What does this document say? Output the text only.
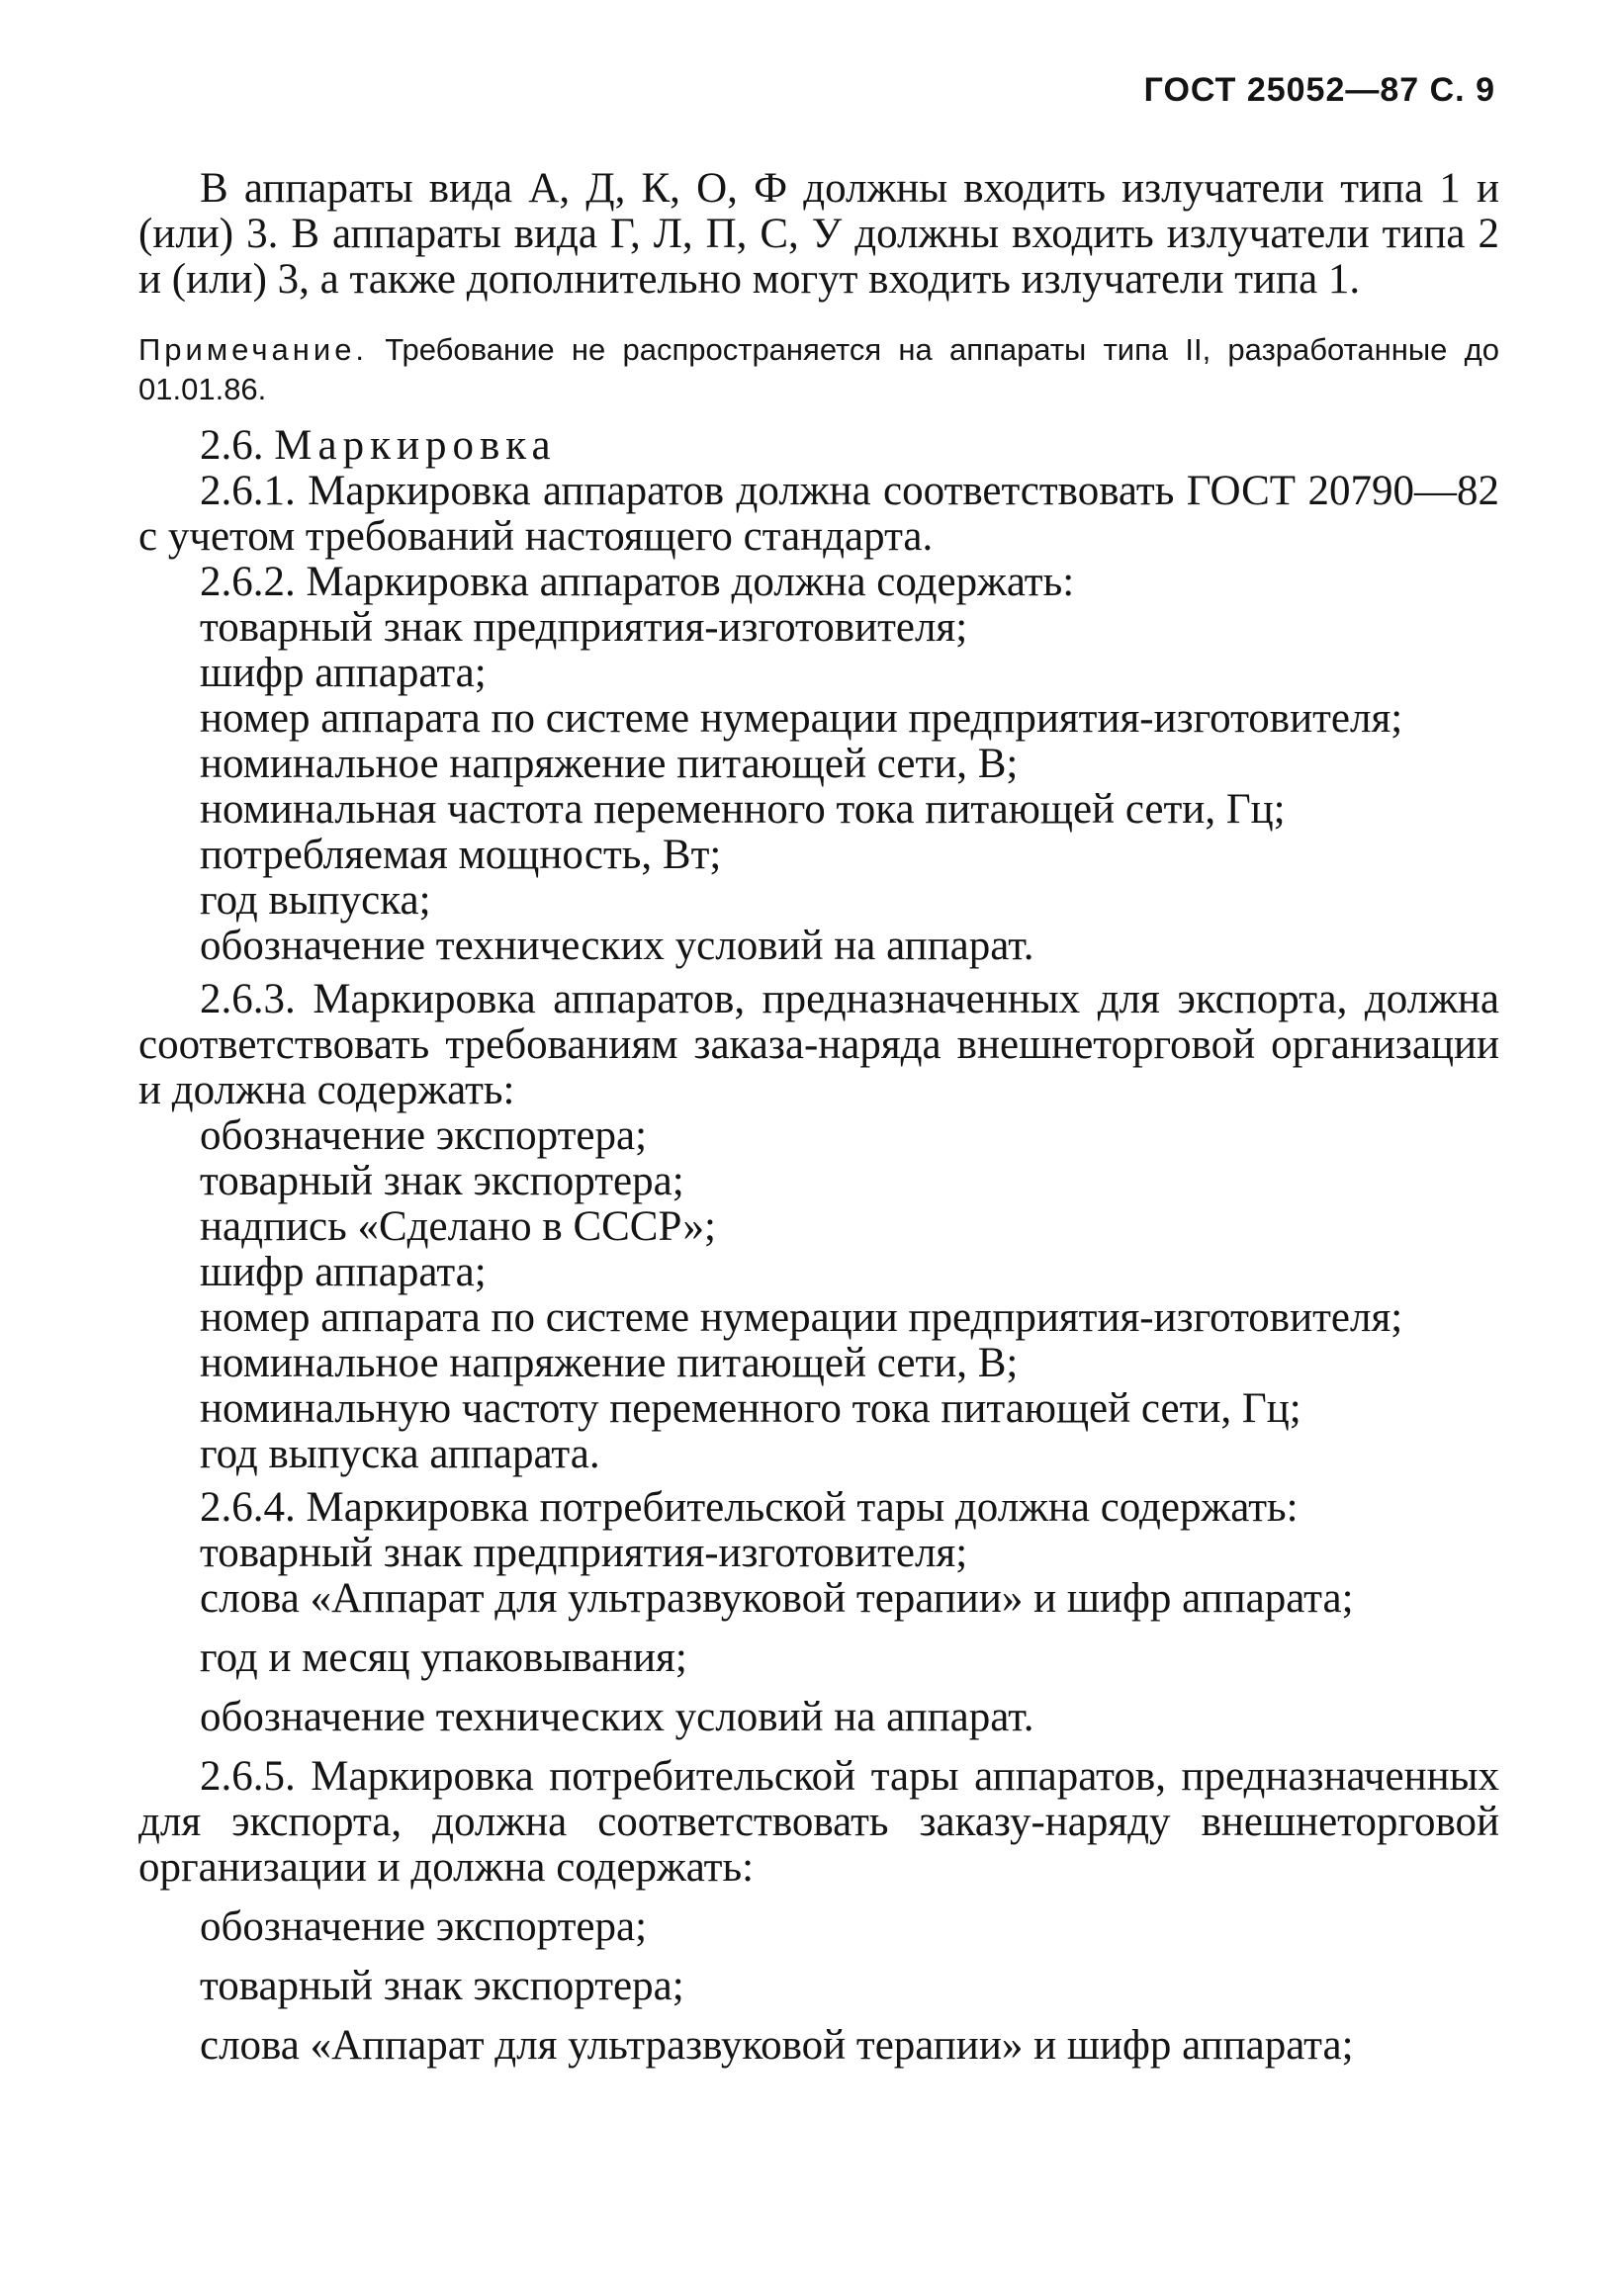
ГОСТ 25052—87 С. 9

В аппараты вида А, Д, К, О, Ф должны входить излучатели типа 1 и (или) 3. В аппараты вида Г, Л, П, С, У должны входить излучатели типа 2 и (или) 3, а также дополнительно могут входить излучатели типа 1.

Примечание. Требование не распространяется на аппараты типа II, разработанные до 01.01.86.

2.6. Маркировка

2.6.1. Маркировка аппаратов должна соответствовать ГОСТ 20790—82 с учетом требований настоящего стандарта.

2.6.2. Маркировка аппаратов должна содержать:

товарный знак предприятия-изготовителя;

шифр аппарата;

номер аппарата по системе нумерации предприятия-изготовителя;

номинальное напряжение питающей сети, В;

номинальная частота переменного тока питающей сети, Гц;

потребляемая мощность, Вт;

год выпуска;

обозначение технических условий на аппарат.

2.6.3. Маркировка аппаратов, предназначенных для экспорта, должна соответствовать требованиям заказа-наряда внешнеторговой организации и должна содержать:

обозначение экспортера;

товарный знак экспортера;

надпись «Сделано в СССР»;

шифр аппарата;

номер аппарата по системе нумерации предприятия-изготовителя;

номинальное напряжение питающей сети, В;

номинальную частоту переменного тока питающей сети, Гц;

год выпуска аппарата.

2.6.4. Маркировка потребительской тары должна содержать:

товарный знак предприятия-изготовителя;

слова «Аппарат для ультразвуковой терапии» и шифр аппарата;

год и месяц упаковывания;

обозначение технических условий на аппарат.

2.6.5. Маркировка потребительской тары аппаратов, предназначенных для экспорта, должна соответствовать заказу-наряду внешнеторговой организации и должна содержать:

обозначение экспортера;

товарный знак экспортера;

слова «Аппарат для ультразвуковой терапии» и шифр аппарата;
